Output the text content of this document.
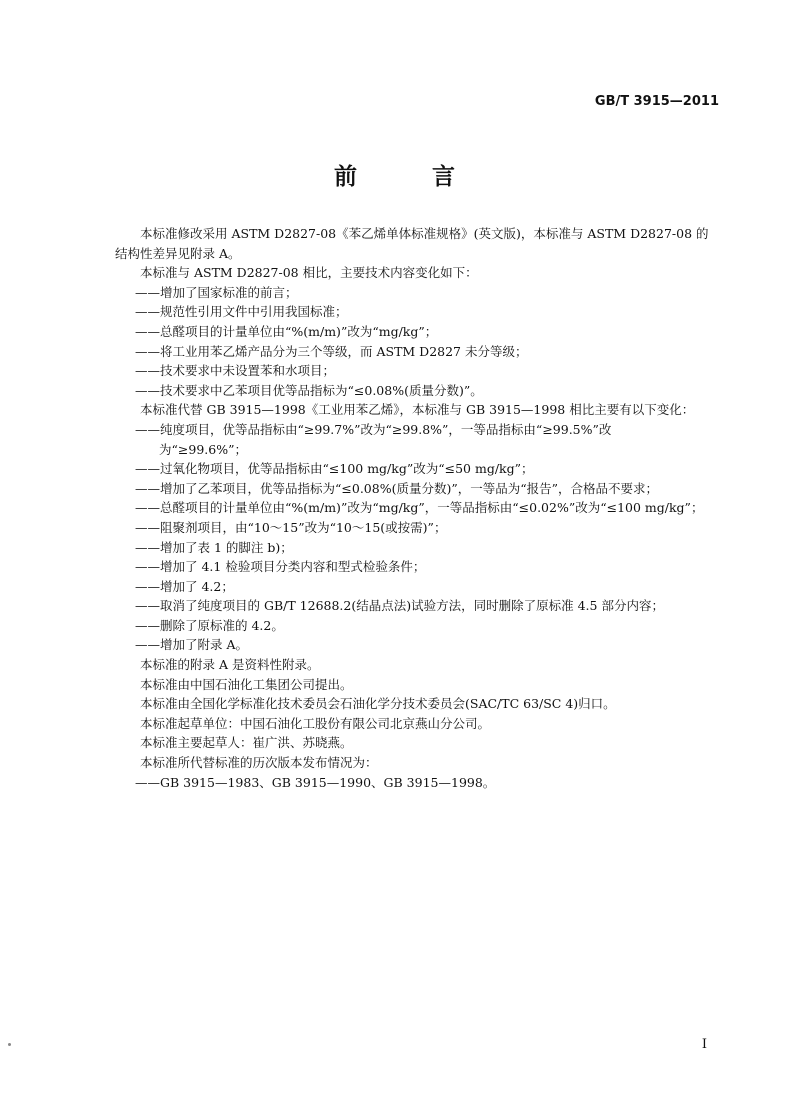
GB/T 3915—2011
前　言

本标准修改采用 ASTM D2827-08《苯乙烯单体标准规格》(英文版)，本标准与 ASTM D2827-08 的结构性差异见附录 A。

本标准与 ASTM D2827-08 相比，主要技术内容变化如下：

——增加了国家标准的前言；

——规范性引用文件中引用我国标准；

——总醛项目的计量单位由“%(m/m)”改为“mg/kg”；

——将工业用苯乙烯产品分为三个等级，而 ASTM D2827 未分等级；

——技术要求中未设置苯和水项目；

——技术要求中乙苯项目优等品指标为“≤0.08%(质量分数)”。

本标准代替 GB 3915—1998《工业用苯乙烯》，本标准与 GB 3915—1998 相比主要有以下变化：

——纯度项目，优等品指标由“≥99.7%”改为“≥99.8%”，一等品指标由“≥99.5%”改

为“≥99.6%”；

——过氧化物项目，优等品指标由“≤100 mg/kg”改为“≤50 mg/kg”；

——增加了乙苯项目，优等品指标为“≤0.08%(质量分数)”，一等品为“报告”，合格品不要求；

——总醛项目的计量单位由“%(m/m)”改为“mg/kg”，一等品指标由“≤0.02%”改为“≤100 mg/kg”；

——阻聚剂项目，由“10～15”改为“10～15(或按需)”；

——增加了表 1 的脚注 b)；

——增加了 4.1 检验项目分类内容和型式检验条件；

——增加了 4.2；

——取消了纯度项目的 GB/T 12688.2(结晶点法)试验方法，同时删除了原标准 4.5 部分内容；

——删除了原标准的 4.2。

——增加了附录 A。

本标准的附录 A 是资料性附录。

本标准由中国石油化工集团公司提出。

本标准由全国化学标准化技术委员会石油化学分技术委员会(SAC/TC 63/SC 4)归口。

本标准起草单位：中国石油化工股份有限公司北京燕山分公司。

本标准主要起草人：崔广洪、苏晓燕。

本标准所代替标准的历次版本发布情况为：

——GB 3915—1983、GB 3915—1990、GB 3915—1998。

I
